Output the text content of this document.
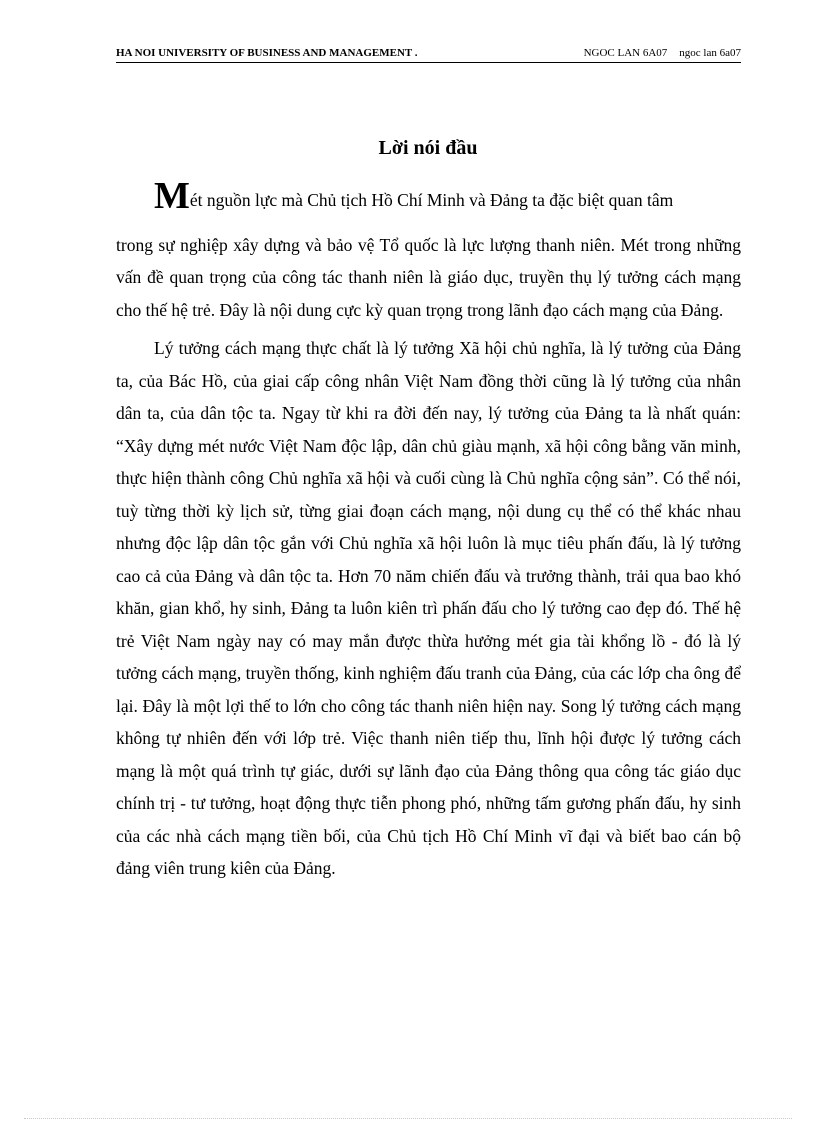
HA NOI UNIVERSITY OF BUSINESS AND MANAGEMENT .	NGOC LAN 6A07 ngoc lan 6a07
Lời nói đầu

Mét nguồn lực mà Chủ tịch Hồ Chí Minh và Đảng ta đặc biệt quan tâm

trong sự nghiệp xây dựng và bảo vệ Tổ quốc là lực lượng thanh niên. Mét trong những vấn đề quan trọng của công tác thanh niên là giáo dục, truyền thụ lý tưởng cách mạng cho thế hệ trẻ. Đây là nội dung cực kỳ quan trọng trong lãnh đạo cách mạng của Đảng.

Lý tưởng cách mạng thực chất là lý tưởng Xã hội chủ nghĩa, là lý tưởng của Đảng ta, của Bác Hồ, của giai cấp công nhân Việt Nam đồng thời cũng là lý tưởng của nhân dân ta, của dân tộc ta. Ngay từ khi ra đời đến nay, lý tưởng của Đảng ta là nhất quán: “Xây dựng mét nước Việt Nam độc lập, dân chủ giàu mạnh, xã hội công bằng văn minh, thực hiện thành công Chủ nghĩa xã hội và cuối cùng là Chủ nghĩa cộng sản”. Có thể nói, tuỳ từng thời kỳ lịch sử, từng giai đoạn cách mạng, nội dung cụ thể có thể khác nhau nhưng độc lập dân tộc gắn với Chủ nghĩa xã hội luôn là mục tiêu phấn đấu, là lý tưởng cao cả của Đảng và dân tộc ta. Hơn 70 năm chiến đấu và trưởng thành, trải qua bao khó khăn, gian khổ, hy sinh, Đảng ta luôn kiên trì phấn đấu cho lý tưởng cao đẹp đó. Thế hệ trẻ Việt Nam ngày nay có may mắn được thừa hưởng mét gia tài khổng lồ - đó là lý tưởng cách mạng, truyền thống, kinh nghiệm đấu tranh của Đảng, của các lớp cha ông để lại. Đây là một lợi thế to lớn cho công tác thanh niên hiện nay. Song lý tưởng cách mạng không tự nhiên đến với lớp trẻ. Việc thanh niên tiếp thu, lĩnh hội được lý tưởng cách mạng là một quá trình tự giác, dưới sự lãnh đạo của Đảng thông qua công tác giáo dục chính trị - tư tưởng, hoạt động thực tiễn phong phó, những tấm gương phấn đấu, hy sinh của các nhà cách mạng tiền bối, của Chủ tịch Hồ Chí Minh vĩ đại và biết bao cán bộ đảng viên trung kiên của Đảng.
